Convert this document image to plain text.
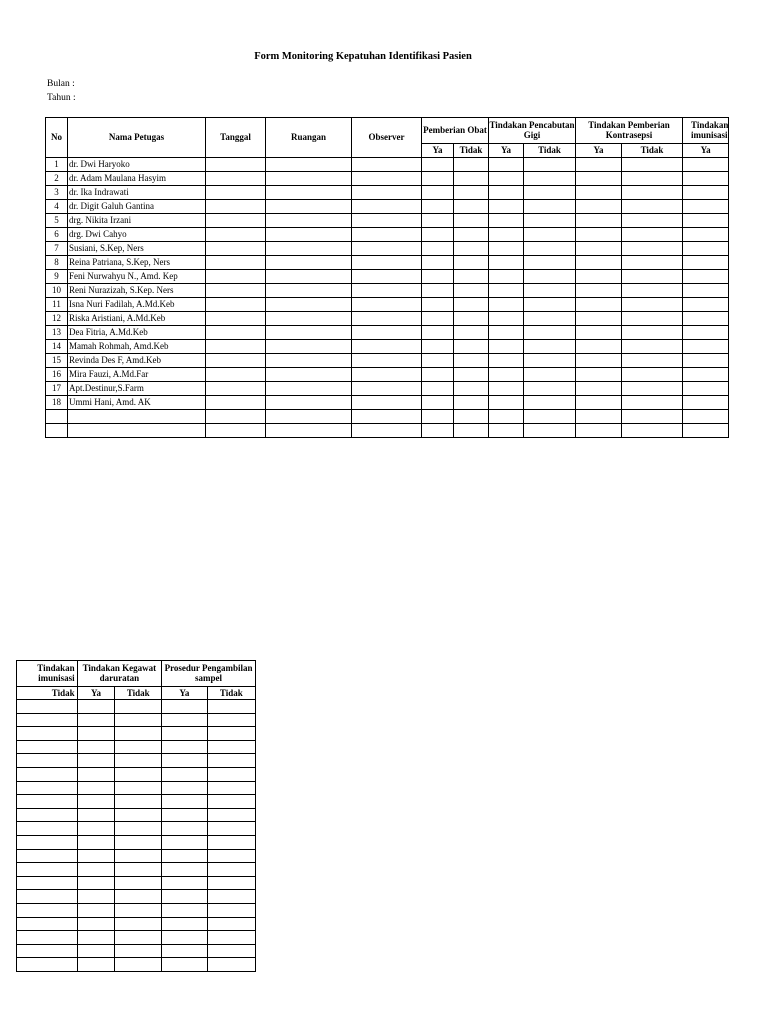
Form Monitoring Kepatuhan Identifikasi Pasien
Bulan :
Tahun :
No	Nama Petugas	Tanggal	Ruangan	Observer	Pemberian Obat		Tindakan Pencabutan Gigi		Tindakan Pemberian Kontrasepsi		Tindakan imunisasi
					Ya	Tidak	Ya	Tidak	Ya	Tidak	Ya
1	dr. Dwi Haryoko										
2	dr. Adam Maulana Hasyim										
3	dr. Ika Indrawati										
4	dr. Digit Galuh Gantina										
5	drg. Nikita Irzani										
6	drg. Dwi Cahyo										
7	Susiani, S.Kep, Ners										
8	Reina Patriana, S.Kep, Ners										
9	Feni Nurwahyu N., Amd. Kep										
10	Reni Nurazizah, S.Kep. Ners										
11	Isna Nuri Fadilah, A.Md.Keb										
12	Riska Aristiani, A.Md.Keb										
13	Dea Fitria, A.Md.Keb										
14	Mamah Rohmah, Amd.Keb										
15	Revinda Des F, Amd.Keb										
16	Mira Fauzi, A.Md.Far										
17	Apt.Destinur,S.Farm										
18	Ummi Hani, Amd. AK										

Tindakan imunisasi	Tindakan Kegawat daruratan		Prosedur Pengambilan sampel	
Tidak	Ya	Tidak	Ya	Tidak
